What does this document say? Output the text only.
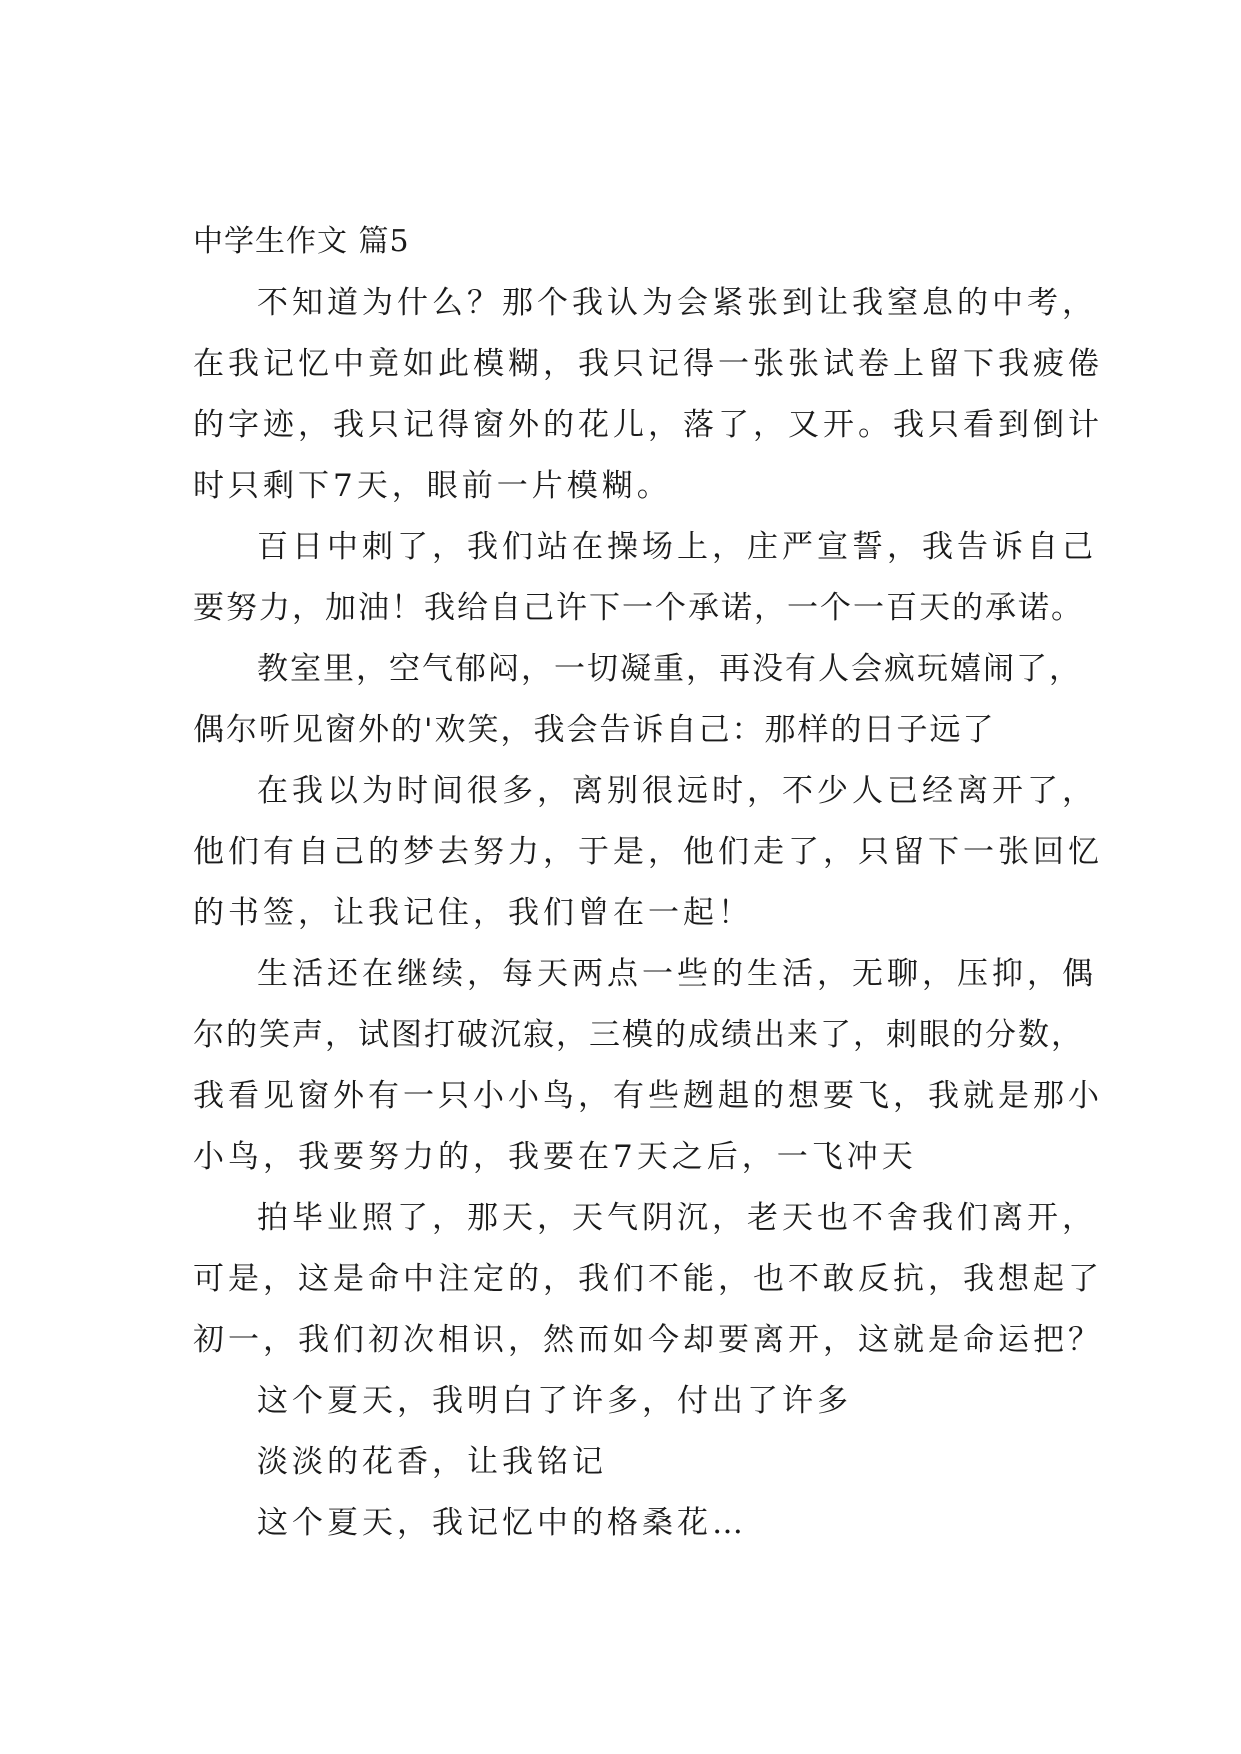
中学生作文 篇5
不知道为什么？那个我认为会紧张到让我窒息的中考，
在我记忆中竟如此模糊，我只记得一张张试卷上留下我疲倦
的字迹，我只记得窗外的花儿，落了，又开。我只看到倒计
时只剩下7天，眼前一片模糊。
百日中刺了，我们站在操场上，庄严宣誓，我告诉自己
要努力，加油！我给自己许下一个承诺，一个一百天的承诺。
教室里，空气郁闷，一切凝重，再没有人会疯玩嬉闹了，
偶尔听见窗外的'欢笑，我会告诉自己：那样的日子远了
在我以为时间很多，离别很远时，不少人已经离开了，
他们有自己的梦去努力，于是，他们走了，只留下一张回忆
的书签，让我记住，我们曾在一起！
生活还在继续，每天两点一些的生活，无聊，压抑，偶
尔的笑声，试图打破沉寂，三模的成绩出来了，刺眼的分数，
我看见窗外有一只小小鸟，有些趔趄的想要飞，我就是那小
小鸟，我要努力的，我要在7天之后，一飞冲天
拍毕业照了，那天，天气阴沉，老天也不舍我们离开，
可是，这是命中注定的，我们不能，也不敢反抗，我想起了
初一，我们初次相识，然而如今却要离开，这就是命运把？
这个夏天，我明白了许多，付出了许多
淡淡的花香，让我铭记
这个夏天，我记忆中的格桑花…
